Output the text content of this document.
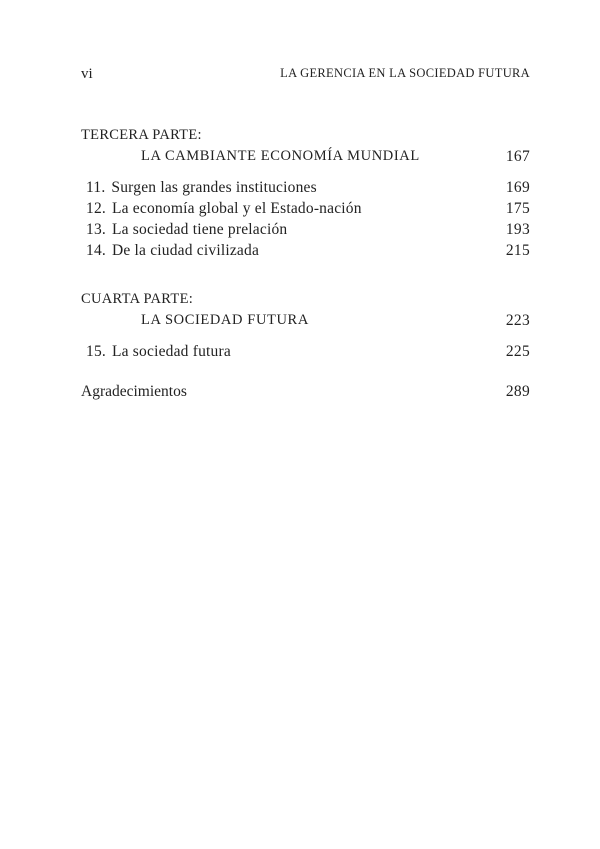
vi	LA GERENCIA EN LA SOCIEDAD FUTURA
TERCERA PARTE:
LA CAMBIANTE ECONOMÍA MUNDIAL	167
11. Surgen las grandes instituciones	169
12. La economía global y el Estado-nación	175
13. La sociedad tiene prelación	193
14. De la ciudad civilizada	215
CUARTA PARTE:
LA SOCIEDAD FUTURA	223
15. La sociedad futura	225
Agradecimientos	289
